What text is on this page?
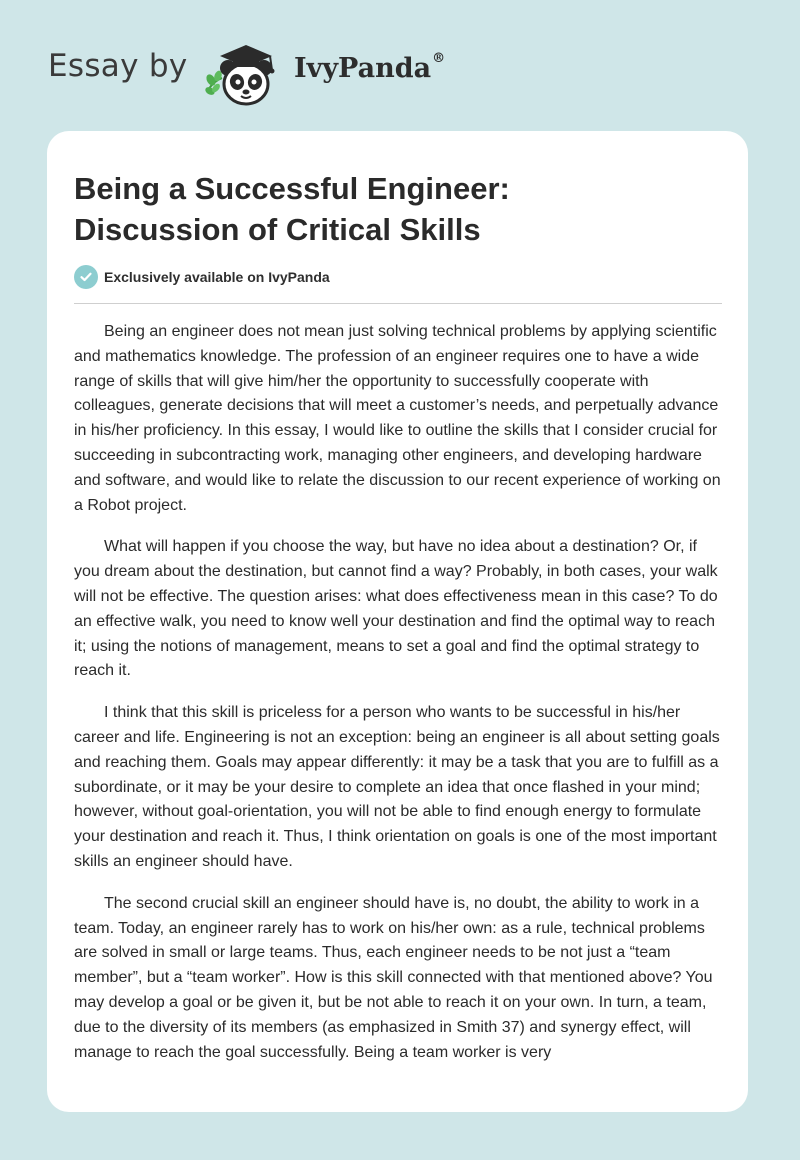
Essay by	IvyPanda®
Being a Successful Engineer:
Discussion of Critical Skills
Exclusively available on IvyPanda

Being an engineer does not mean just solving technical problems by applying scientific and mathematics knowledge. The profession of an engineer requires one to have a wide range of skills that will give him/her the opportunity to successfully cooperate with colleagues, generate decisions that will meet a customer’s needs, and perpetually advance in his/her proficiency. In this essay, I would like to outline the skills that I consider crucial for succeeding in subcontracting work, managing other engineers, and developing hardware and software, and would like to relate the discussion to our recent experience of working on a Robot project.

What will happen if you choose the way, but have no idea about a destination? Or, if you dream about the destination, but cannot find a way? Probably, in both cases, your walk will not be effective. The question arises: what does effectiveness mean in this case? To do an effective walk, you need to know well your destination and find the optimal way to reach it; using the notions of management, means to set a goal and find the optimal strategy to reach it.

I think that this skill is priceless for a person who wants to be successful in his/her career and life. Engineering is not an exception: being an engineer is all about setting goals and reaching them. Goals may appear differently: it may be a task that you are to fulfill as a subordinate, or it may be your desire to complete an idea that once flashed in your mind; however, without goal-orientation, you will not be able to find enough energy to formulate your destination and reach it. Thus, I think orientation on goals is one of the most important skills an engineer should have.

The second crucial skill an engineer should have is, no doubt, the ability to work in a team. Today, an engineer rarely has to work on his/her own: as a rule, technical problems are solved in small or large teams. Thus, each engineer needs to be not just a “team member”, but a “team worker”. How is this skill connected with that mentioned above? You may develop a goal or be given it, but be not able to reach it on your own. In turn, a team, due to the diversity of its members (as emphasized in Smith 37) and synergy effect, will manage to reach the goal successfully. Being a team worker is very
